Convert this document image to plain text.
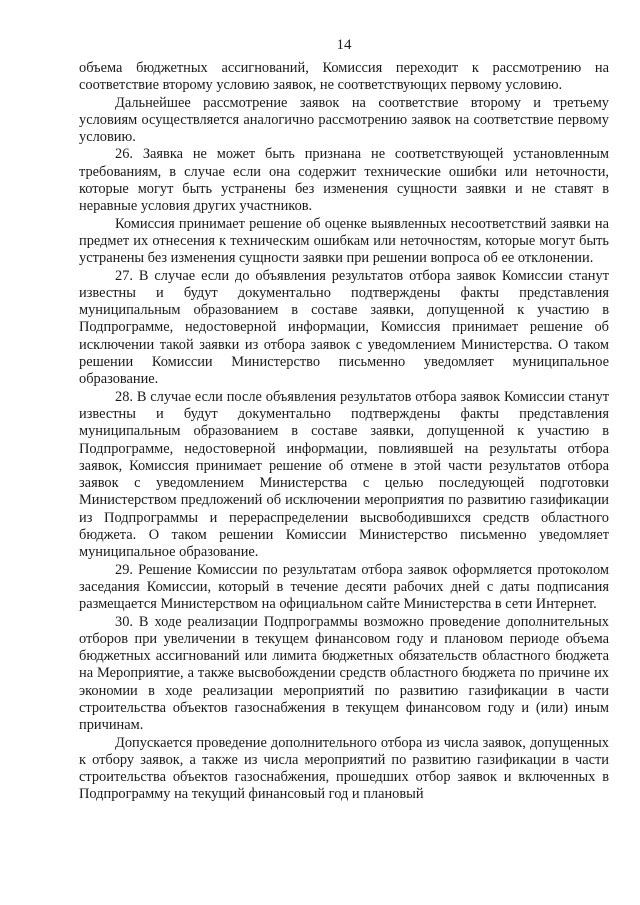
14

объема бюджетных ассигнований, Комиссия переходит к рассмотрению на соответствие второму условию заявок, не соответствующих первому условию.

Дальнейшее рассмотрение заявок на соответствие второму и третьему условиям осуществляется аналогично рассмотрению заявок на соответствие первому условию.

26. Заявка не может быть признана не соответствующей установленным требованиям, в случае если она содержит технические ошибки или неточности, которые могут быть устранены без изменения сущности заявки и не ставят в неравные условия других участников.

Комиссия принимает решение об оценке выявленных несоответствий заявки на предмет их отнесения к техническим ошибкам или неточностям, которые могут быть устранены без изменения сущности заявки при решении вопроса об ее отклонении.

27. В случае если до объявления результатов отбора заявок Комиссии станут известны и будут документально подтверждены факты представления муниципальным образованием в составе заявки, допущенной к участию в Подпрограмме, недостоверной информации, Комиссия принимает решение об исключении такой заявки из отбора заявок с уведомлением Министерства. О таком решении Комиссии Министерство письменно уведомляет муниципальное образование.

28. В случае если после объявления результатов отбора заявок Комиссии станут известны и будут документально подтверждены факты представления муниципальным образованием в составе заявки, допущенной к участию в Подпрограмме, недостоверной информации, повлиявшей на результаты отбора заявок, Комиссия принимает решение об отмене в этой части результатов отбора заявок с уведомлением Министерства с целью последующей подготовки Министерством предложений об исключении мероприятия по развитию газификации из Подпрограммы и перераспределении высвободившихся средств областного бюджета. О таком решении Комиссии Министерство письменно уведомляет муниципальное образование.

29. Решение Комиссии по результатам отбора заявок оформляется протоколом заседания Комиссии, который в течение десяти рабочих дней с даты подписания размещается Министерством на официальном сайте Министерства в сети Интернет.

30. В ходе реализации Подпрограммы возможно проведение дополнительных отборов при увеличении в текущем финансовом году и плановом периоде объема бюджетных ассигнований или лимита бюджетных обязательств областного бюджета на Мероприятие, а также высвобождении средств областного бюджета по причине их экономии в ходе реализации мероприятий по развитию газификации в части строительства объектов газоснабжения в текущем финансовом году и (или) иным причинам.

Допускается проведение дополнительного отбора из числа заявок, допущенных к отбору заявок, а также из числа мероприятий по развитию газификации в части строительства объектов газоснабжения, прошедших отбор заявок и включенных в Подпрограмму на текущий финансовый год и плановый
